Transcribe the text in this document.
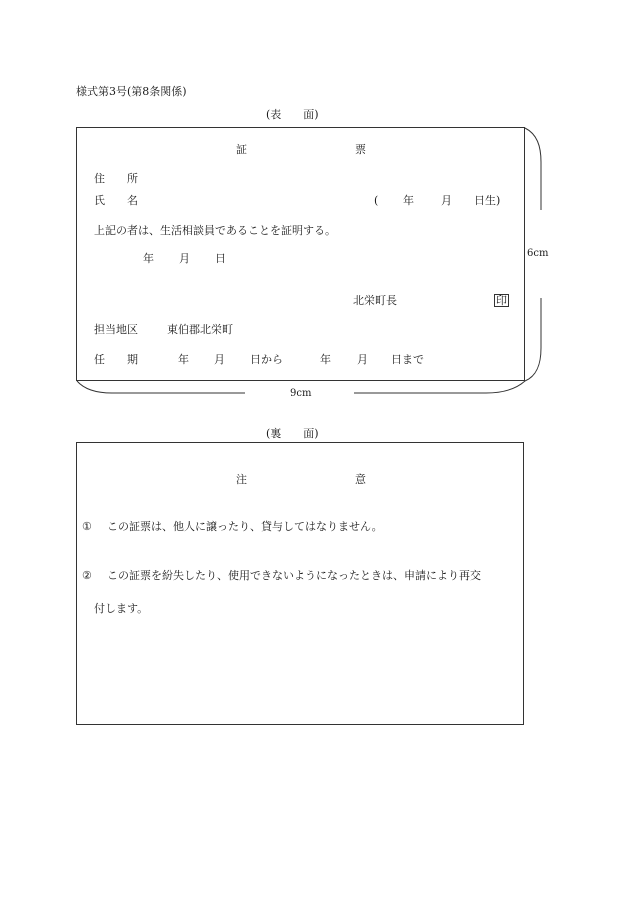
様式第3号(第8条関係)
(表　　面)
証	票
住　　所
氏　　名	( 年 月 日生)
上記の者は、生活相談員であることを証明する。
年 月 日
北栄町長	印
担当地区	東伯郡北栄町
任　　期	年 月 日から	年 月 日まで
6cm
9cm
(裏　　面)
注	意
① この証票は、他人に譲ったり、貸与してはなりません。
② この証票を紛失したり、使用できないようになったときは、申請により再交
付します。
